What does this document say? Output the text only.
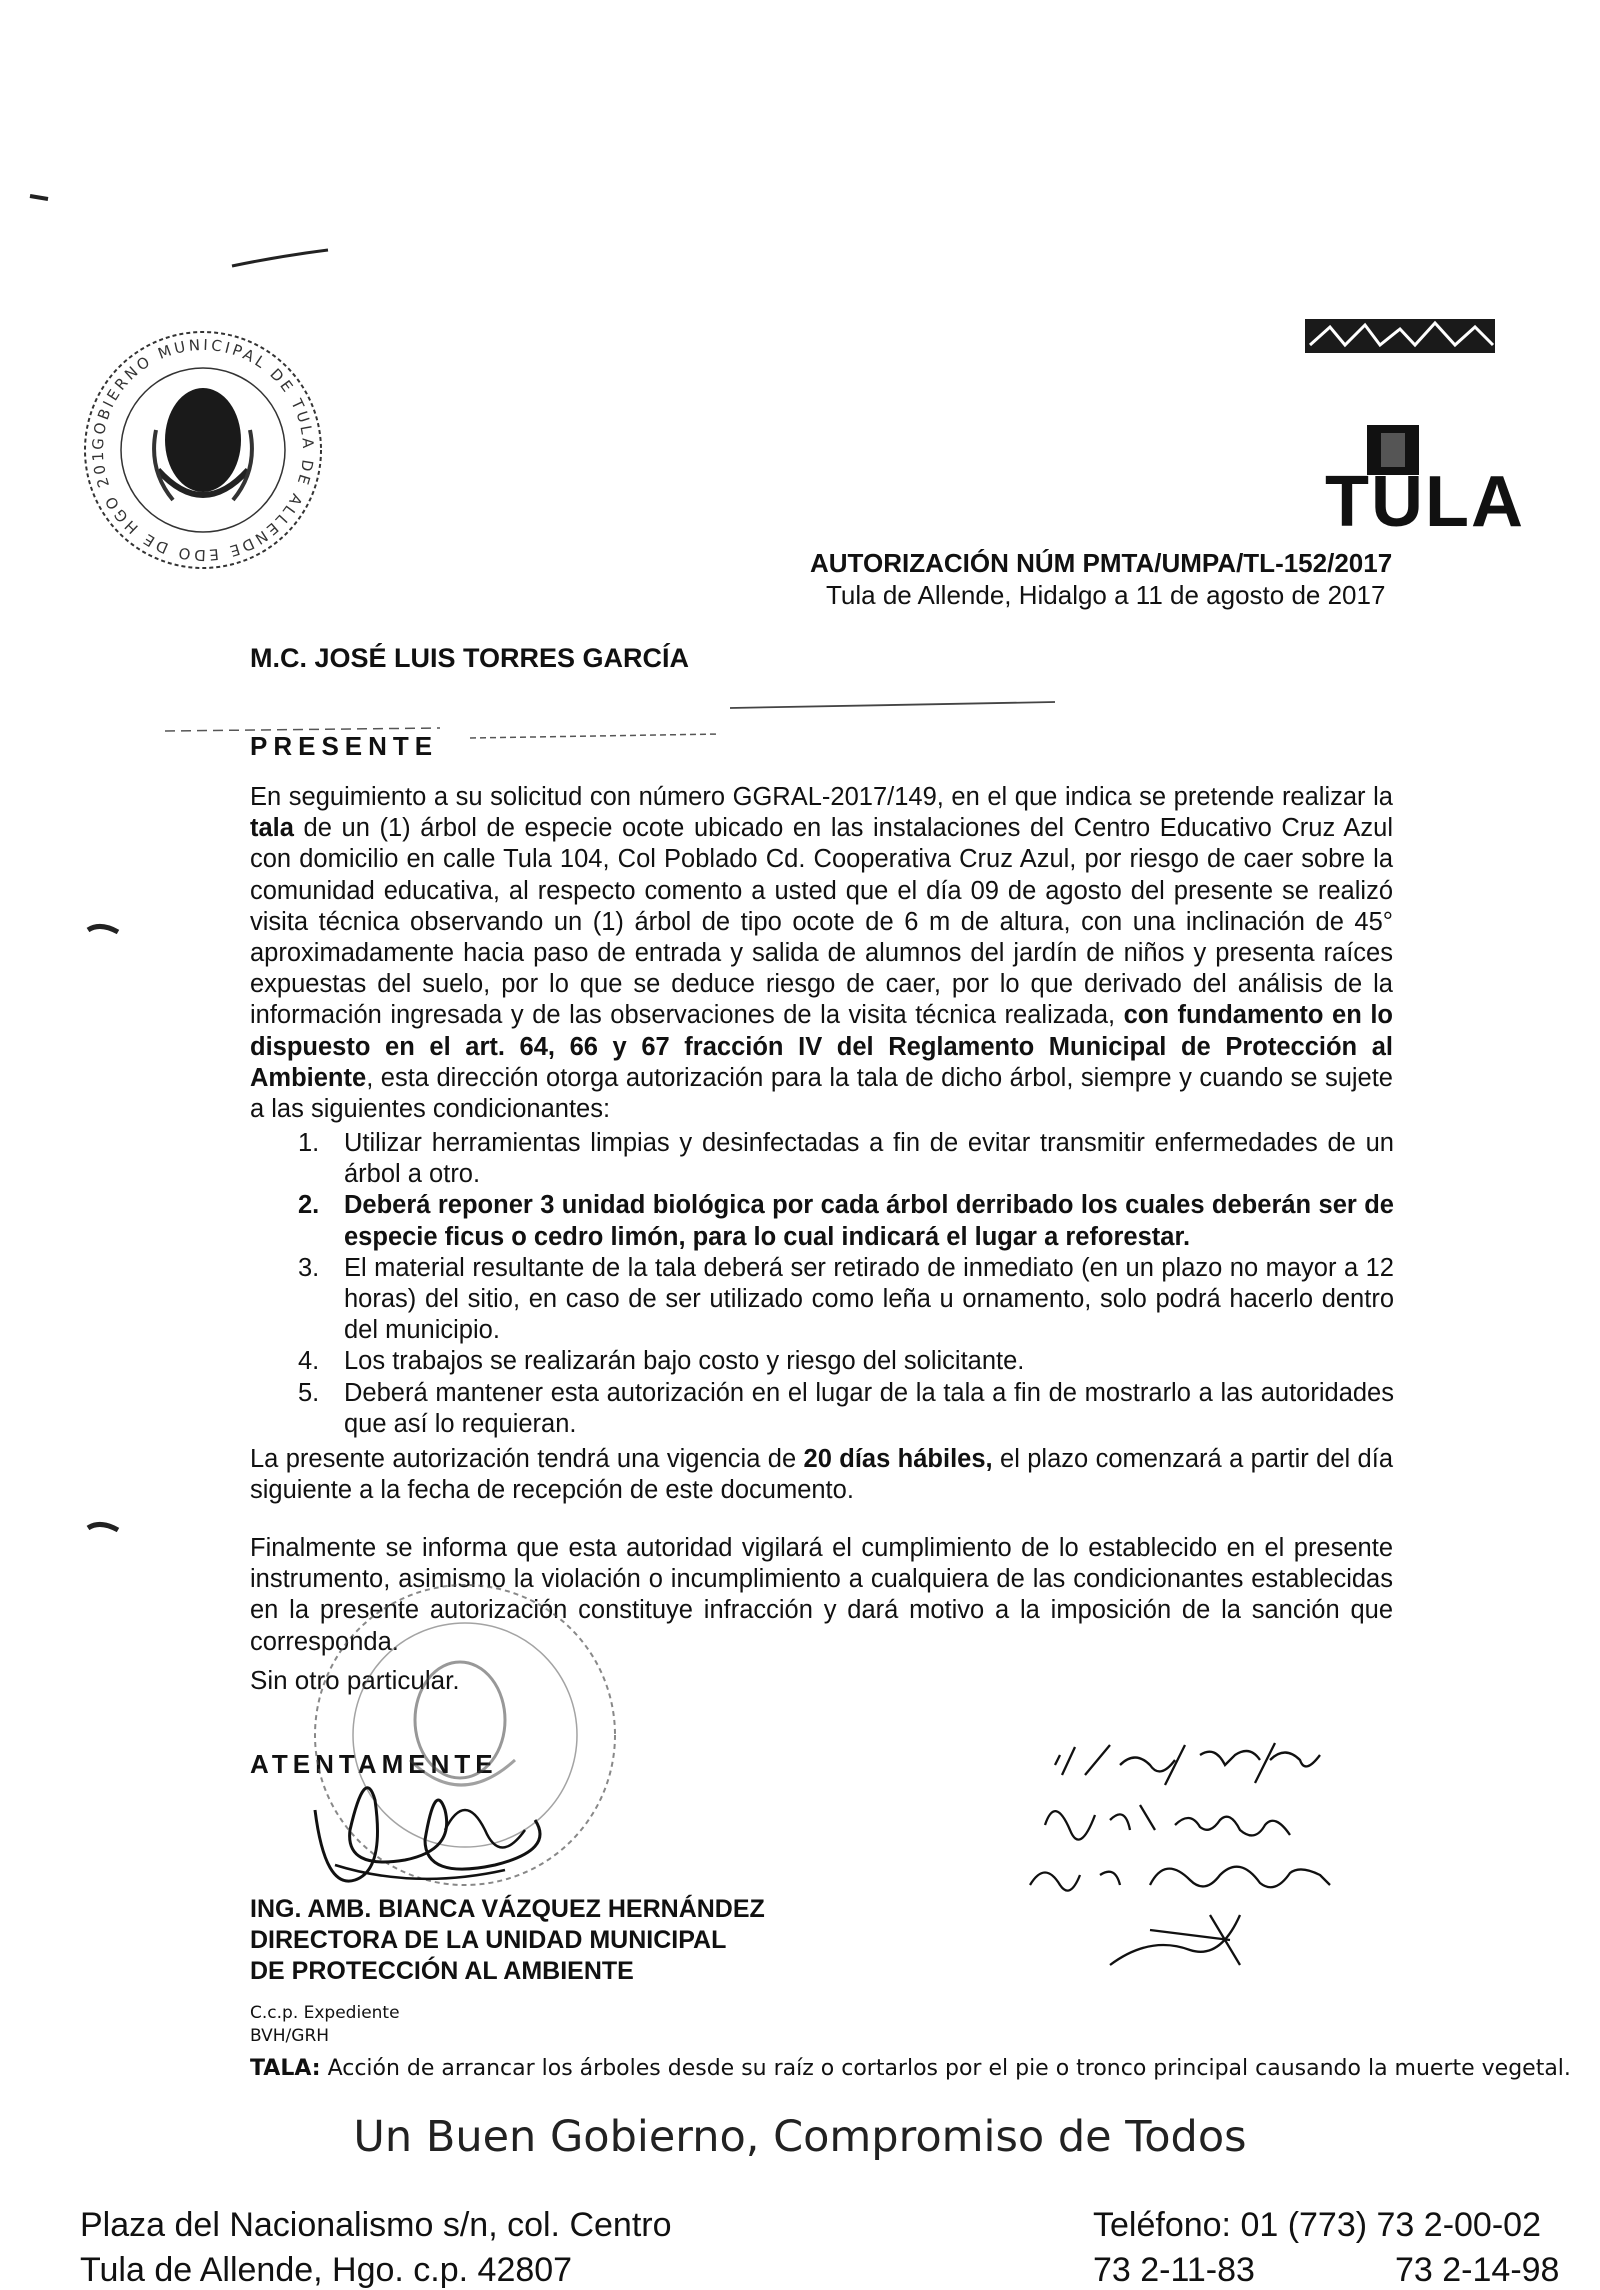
GOBIERNO MUNICIPAL DE TULA DE ALLENDE EDO DE HGO 201
TULA
AUTORIZACIÓN NÚM PMTA/UMPA/TL-152/2017
Tula de Allende, Hidalgo a 11 de agosto de 2017
M.C. JOSÉ LUIS TORRES GARCÍA
PRESENTE
En seguimiento a su solicitud con número GGRAL-2017/149, en el que indica se pretende realizar la tala de un (1) árbol de especie ocote ubicado en las instalaciones del Centro Educativo Cruz Azul con domicilio en calle Tula 104, Col Poblado Cd. Cooperativa Cruz Azul, por riesgo de caer sobre la comunidad educativa, al respecto comento a usted que el día 09 de agosto del presente se realizó visita técnica observando un (1) árbol de tipo ocote de 6 m de altura, con una inclinación de 45° aproximadamente hacia paso de entrada y salida de alumnos del jardín de niños y presenta raíces expuestas del suelo, por lo que se deduce riesgo de caer, por lo que derivado del análisis de la información ingresada y de las observaciones de la visita técnica realizada, con fundamento en lo dispuesto en el art. 64, 66 y 67 fracción IV del Reglamento Municipal de Protección al Ambiente, esta dirección otorga autorización para la tala de dicho árbol, siempre y cuando se sujete a las siguientes condicionantes:
1. Utilizar herramientas limpias y desinfectadas a fin de evitar transmitir enfermedades de un árbol a otro.
2. Deberá reponer 3 unidad biológica por cada árbol derribado los cuales deberán ser de especie ficus o cedro limón, para lo cual indicará el lugar a reforestar.
3. El material resultante de la tala deberá ser retirado de inmediato (en un plazo no mayor a 12 horas) del sitio, en caso de ser utilizado como leña u ornamento, solo podrá hacerlo dentro del municipio.
4. Los trabajos se realizarán bajo costo y riesgo del solicitante.
5. Deberá mantener esta autorización en el lugar de la tala a fin de mostrarlo a las autoridades que así lo requieran.
La presente autorización tendrá una vigencia de 20 días hábiles, el plazo comenzará a partir del día siguiente a la fecha de recepción de este documento.
Finalmente se informa que esta autoridad vigilará el cumplimiento de lo establecido en el presente instrumento, asimismo la violación o incumplimiento a cualquiera de las condicionantes establecidas en la presente autorización constituye infracción y dará motivo a la imposición de la sanción que corresponda.
Sin otro particular.
ATENTAMENTE
ING. AMB. BIANCA VÁZQUEZ HERNÁNDEZ
DIRECTORA DE LA UNIDAD MUNICIPAL
DE PROTECCIÓN AL AMBIENTE
C.c.p. Expediente
BVH/GRH
TALA: Acción de arrancar los árboles desde su raíz o cortarlos por el pie o tronco principal causando la muerte vegetal.
Un Buen Gobierno, Compromiso de Todos
Plaza del Nacionalismo s/n, col. Centro
Tula de Allende, Hgo. c.p. 42807
Teléfono: 01 (773) 73 2-00-02
73 2-11-83	73 2-14-98
